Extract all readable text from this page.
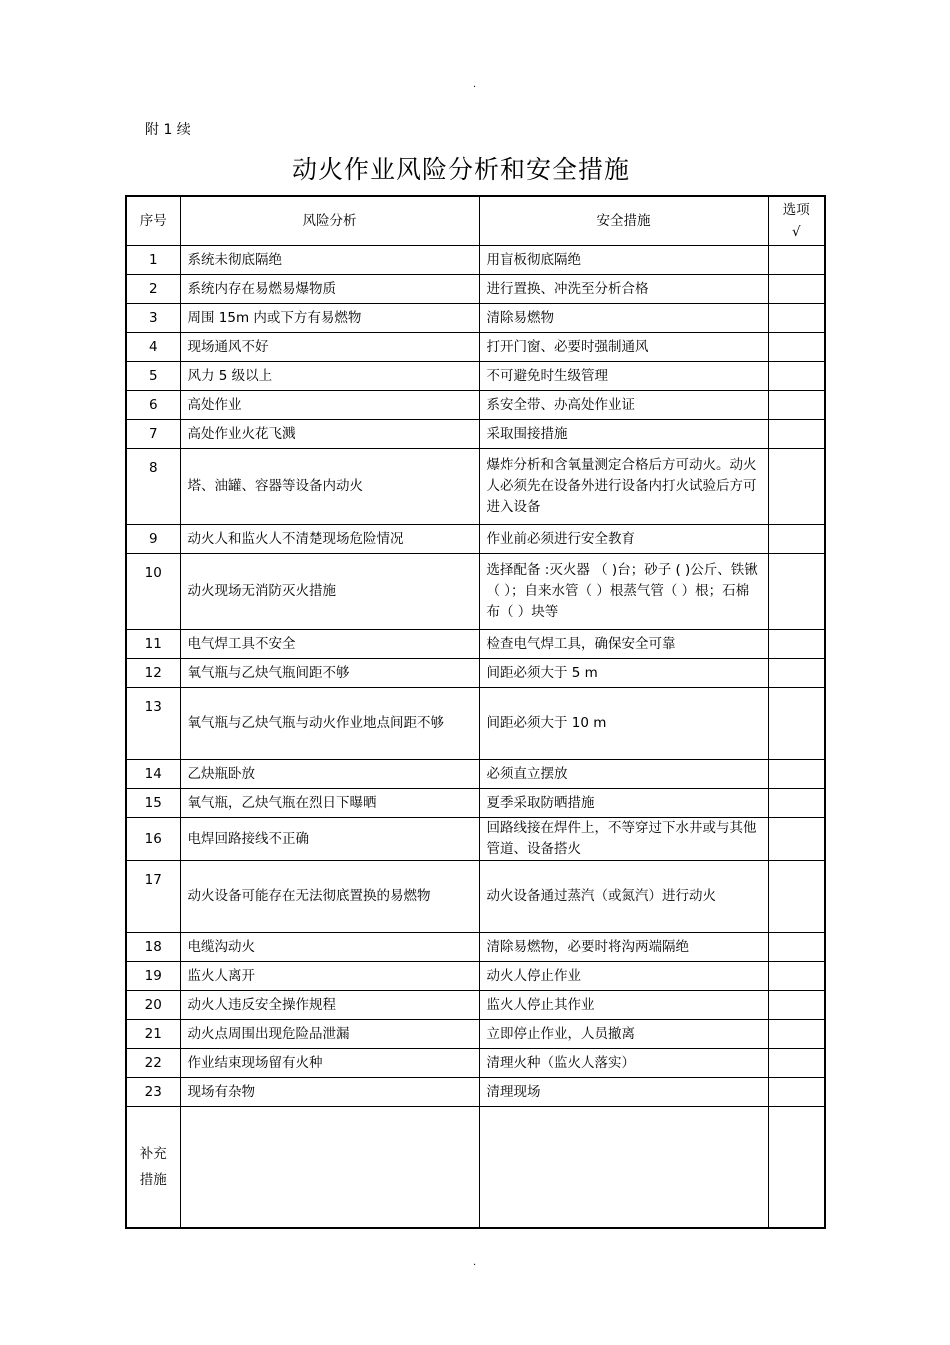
.
附 1 续
动火作业风险分析和安全措施
序号	风险分析	安全措施	选项
√
1	系统未彻底隔绝	用盲板彻底隔绝	
2	系统内存在易燃易爆物质	进行置换、冲洗至分析合格	
3	周围 15m 内或下方有易燃物	清除易燃物	
4	现场通风不好	打开门窗、必要时强制通风	
5	风力 5 级以上	不可避免时生级管理	
6	高处作业	系安全带、办高处作业证	
7	高处作业火花飞溅	采取围接措施	
8	塔、油罐、容器等设备内动火	爆炸分析和含氧量测定合格后方可动火。动火人必须先在设备外进行设备内打火试验后方可进入设备	
9	动火人和监火人不清楚现场危险情况	作业前必须进行安全教育	
10	动火现场无消防灭火措施	选择配备 :灭火器 （ )台；砂子 ( )公斤、铁锹（ ）；自来水管（ ）根蒸气管（ ）根；石棉布（ ）块等	
11	电气焊工具不安全	检查电气焊工具，确保安全可靠	
12	氧气瓶与乙炔气瓶间距不够	间距必须大于 5 m	
13	氧气瓶与乙炔气瓶与动火作业地点间距不够	间距必须大于 10 m	
14	乙炔瓶卧放	必须直立摆放	
15	氧气瓶，乙炔气瓶在烈日下曝晒	夏季采取防晒措施	
16	电焊回路接线不正确	回路线接在焊件上，不等穿过下水井或与其他管道、设备搭火	
17	动火设备可能存在无法彻底置换的易燃物	动火设备通过蒸汽（或氮汽）进行动火	
18	电缆沟动火	清除易燃物，必要时将沟两端隔绝	
19	监火人离开	动火人停止作业	
20	动火人违反安全操作规程	监火人停止其作业	
21	动火点周围出现危险品泄漏	立即停止作业，人员撤离	
22	作业结束现场留有火种	清理火种（监火人落实）	
23	现场有杂物	清理现场	
补充
措施			
.
